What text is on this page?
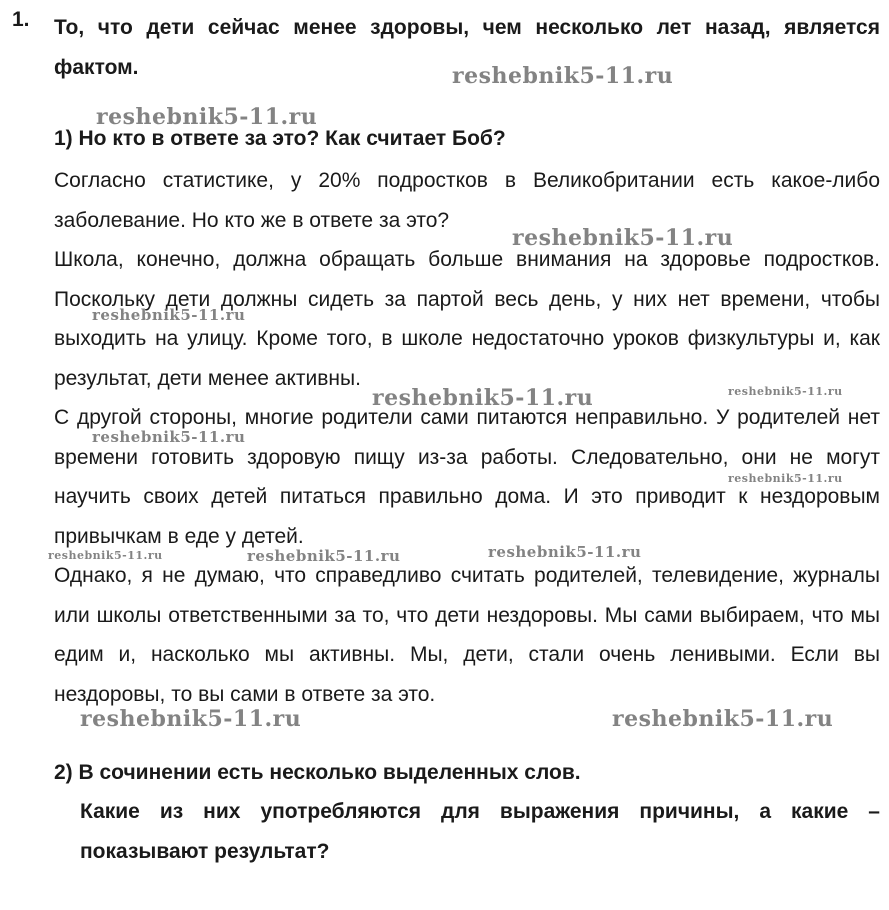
1. То, что дети сейчас менее здоровы, чем несколько лет назад, является фактом.
1) Но кто в ответе за это? Как считает Боб?
Согласно статистике, у 20% подростков в Великобритании есть какое-либо заболевание. Но кто же в ответе за это?
Школа, конечно, должна обращать больше внимания на здоровье подростков. Поскольку дети должны сидеть за партой весь день, у них нет времени, чтобы выходить на улицу. Кроме того, в школе недостаточно уроков физкультуры и, как результат, дети менее активны.
С другой стороны, многие родители сами питаются неправильно. У родителей нет времени готовить здоровую пищу из-за работы. Следовательно, они не могут научить своих детей питаться правильно дома. И это приводит к нездоровым привычкам в еде у детей.
Однако, я не думаю, что справедливо считать родителей, телевидение, журналы или школы ответственными за то, что дети нездоровы. Мы сами выбираем, что мы едим и, насколько мы активны. Мы, дети, стали очень ленивыми. Если вы нездоровы, то вы сами в ответе за это.
2) В сочинении есть несколько выделенных слов.
Какие из них употребляются для выражения причины, а какие – показывают результат?
reshebnik5-11.ru
reshebnik5-11.ru
reshebnik5-11.ru
reshebnik5-11.ru
reshebnik5-11.ru	reshebnik5-11.ru
reshebnik5-11.ru
reshebnik5-11.ru
reshebnik5-11.ru	reshebnik5-11.ru	reshebnik5-11.ru
reshebnik5-11.ru	reshebnik5-11.ru
